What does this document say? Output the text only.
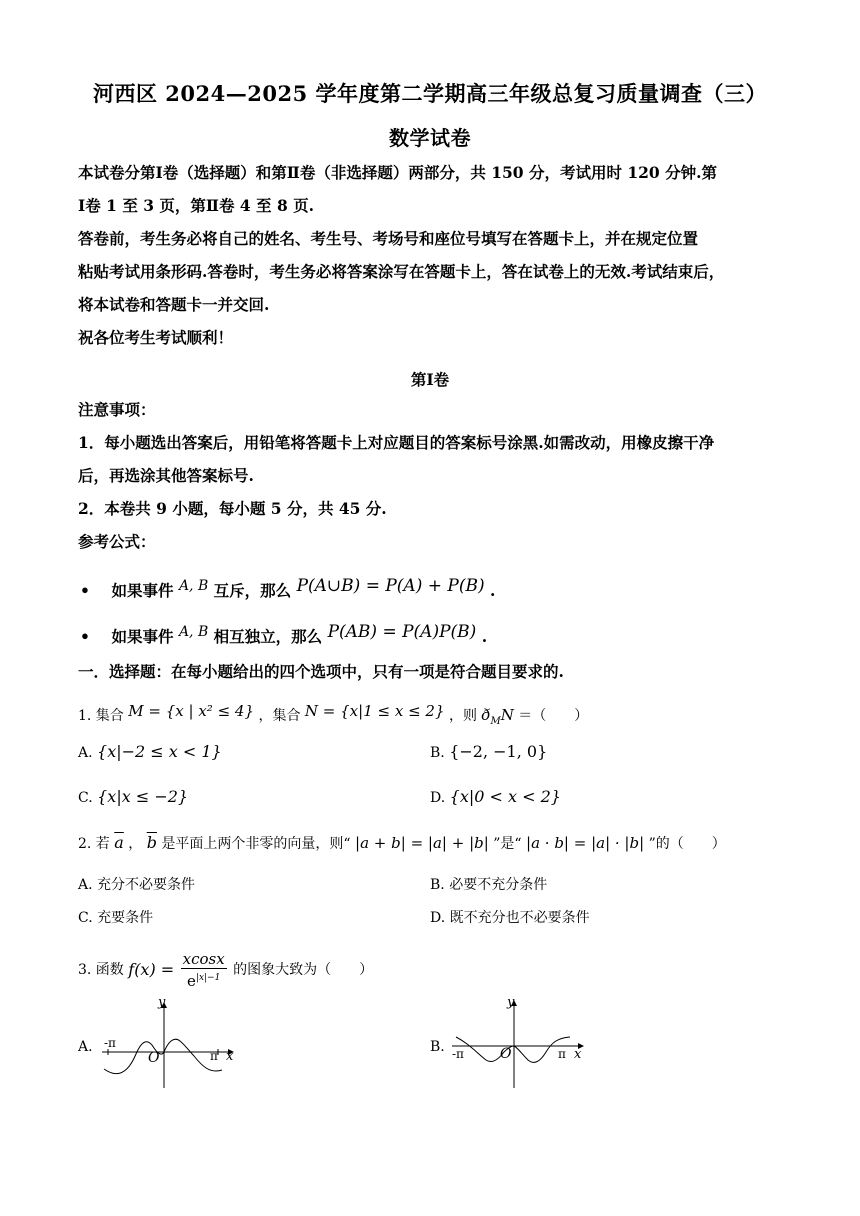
河西区 2024—2025 学年度第二学期高三年级总复习质量调查（三）
数学试卷
本试卷分第Ⅰ卷（选择题）和第Ⅱ卷（非选择题）两部分，共 150 分，考试用时 120 分钟.第
Ⅰ卷 1 至 3 页，第Ⅱ卷 4 至 8 页.
答卷前，考生务必将自己的姓名、考生号、考场号和座位号填写在答题卡上，并在规定位置
粘贴考试用条形码.答卷时，考生务必将答案涂写在答题卡上，答在试卷上的无效.考试结束后，
将本试卷和答题卡一并交回.
祝各位考生考试顺利！
第Ⅰ卷
注意事项：
1．每小题选出答案后，用铅笔将答题卡上对应题目的答案标号涂黑.如需改动，用橡皮擦干净
后，再选涂其他答案标号.
2．本卷共 9 小题，每小题 5 分，共 45 分.
参考公式：
•    如果事件 A, B 互斥，那么 P(A∪B) = P(A) + P(B) .
•    如果事件 A, B 相互独立，那么 P(AB) = P(A)P(B) .
一．选择题：在每小题给出的四个选项中，只有一项是符合题目要求的.
1. 集合 M = {x | x² ≤ 4} ，集合 N = {x|1 ≤ x ≤ 2} ，则 $ð_MN$ ＝（　　）
A. {x|−2 ≤ x < 1}	B. {−2, −1, 0}
C. {x|x ≤ −2}	D. {x|0 < x < 2}
2. 若 $\overline{a}$ ， $\overline{b}$ 是平面上两个非零的向量，则“ |a + b| = |a| + |b| ”是“ |a · b| = |a| · |b| ”的（　　）
A. 充分不必要条件	B. 必要不充分条件
C. 充要条件	D. 既不充分也不必要条件
3. 函数 $f(x) = \frac{xcosx}{e^{|x|-1}}$ 的图象大致为（　　）
A.
y
x
O
-π
π
B.
y
x
O
-π	π
